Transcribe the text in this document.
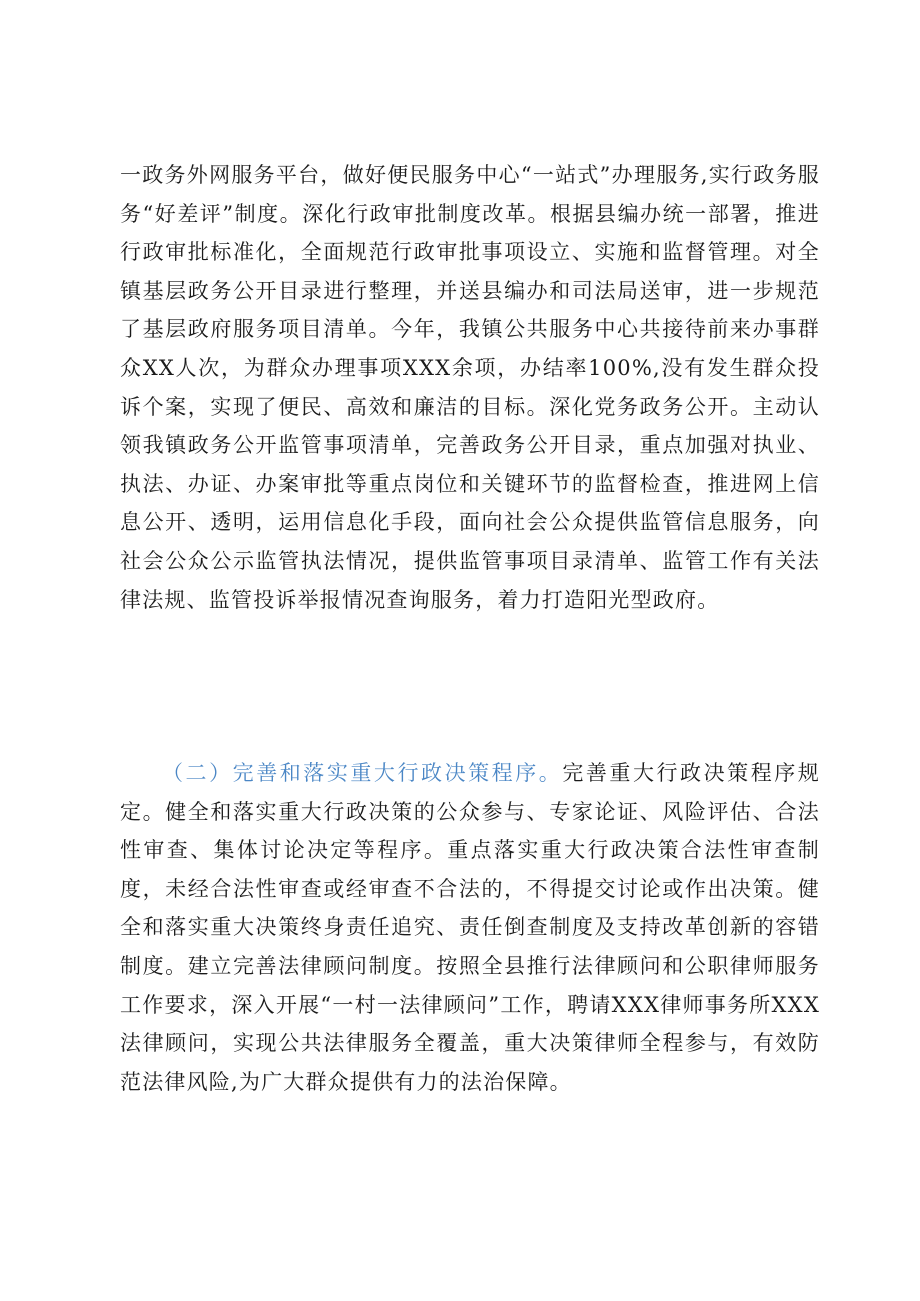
一政务外网服务平台，做好便民服务中心“一站式”办理服务,实行政务服务“好差评”制度。深化行政审批制度改革。根据县编办统一部署，推进行政审批标准化，全面规范行政审批事项设立、实施和监督管理。对全镇基层政务公开目录进行整理，并送县编办和司法局送审，进一步规范了基层政府服务项目清单。今年，我镇公共服务中心共接待前来办事群众XX人次，为群众办理事项XXX余项，办结率100%,没有发生群众投诉个案，实现了便民、高效和廉洁的目标。深化党务政务公开。主动认领我镇政务公开监管事项清单，完善政务公开目录，重点加强对执业、执法、办证、办案审批等重点岗位和关键环节的监督检查，推进网上信息公开、透明，运用信息化手段，面向社会公众提供监管信息服务，向社会公众公示监管执法情况，提供监管事项目录清单、监管工作有关法律法规、监管投诉举报情况查询服务，着力打造阳光型政府。

（二）完善和落实重大行政决策程序。完善重大行政决策程序规定。健全和落实重大行政决策的公众参与、专家论证、风险评估、合法性审查、集体讨论决定等程序。重点落实重大行政决策合法性审查制度，未经合法性审查或经审查不合法的，不得提交讨论或作出决策。健全和落实重大决策终身责任追究、责任倒查制度及支持改革创新的容错制度。建立完善法律顾问制度。按照全县推行法律顾问和公职律师服务工作要求，深入开展“一村一法律顾问”工作，聘请XXX律师事务所XXX法律顾问，实现公共法律服务全覆盖，重大决策律师全程参与，有效防范法律风险,为广大群众提供有力的法治保障。
